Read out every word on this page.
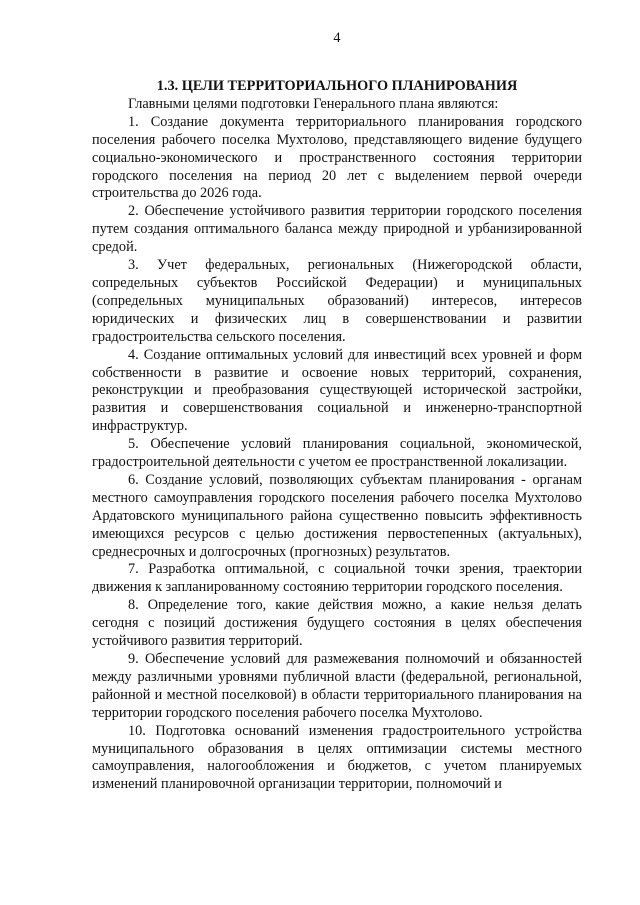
4

1.3. ЦЕЛИ ТЕРРИТОРИАЛЬНОГО ПЛАНИРОВАНИЯ

Главными целями подготовки Генерального плана являются:

1. Создание документа территориального планирования городского поселения рабочего поселка Мухтолово, представляющего видение будущего социально-экономического и пространственного состояния территории городского поселения на период 20 лет с выделением первой очереди строительства до 2026 года.

2. Обеспечение устойчивого развития территории городского поселения путем создания оптимального баланса между природной и урбанизированной средой.

3. Учет федеральных, региональных (Нижегородской области, сопредельных субъектов Российской Федерации) и муниципальных (сопредельных муниципальных образований) интересов, интересов юридических и физических лиц в совершенствовании и развитии градостроительства сельского поселения.

4. Создание оптимальных условий для инвестиций всех уровней и форм собственности в развитие и освоение новых территорий, сохранения, реконструкции и преобразования существующей исторической застройки, развития и совершенствования социальной и инженерно-транспортной инфраструктур.

5. Обеспечение условий планирования социальной, экономической, градостроительной деятельности с учетом ее пространственной локализации.

6. Создание условий, позволяющих субъектам планирования - органам местного самоуправления городского поселения рабочего поселка Мухтолово Ардатовского муниципального района существенно повысить эффективность имеющихся ресурсов с целью достижения первостепенных (актуальных), среднесрочных и долгосрочных (прогнозных) результатов.

7. Разработка оптимальной, с социальной точки зрения, траектории движения к запланированному состоянию территории городского поселения.

8. Определение того, какие действия можно, а какие нельзя делать сегодня с позиций достижения будущего состояния в целях обеспечения устойчивого развития территорий.

9. Обеспечение условий для размежевания полномочий и обязанностей между различными уровнями публичной власти (федеральной, региональной, районной и местной поселковой) в области территориального планирования на территории городского поселения рабочего поселка Мухтолово.

10. Подготовка оснований изменения градостроительного устройства муниципального образования в целях оптимизации системы местного самоуправления, налогообложения и бюджетов, с учетом планируемых изменений планировочной организации территории, полномочий и
